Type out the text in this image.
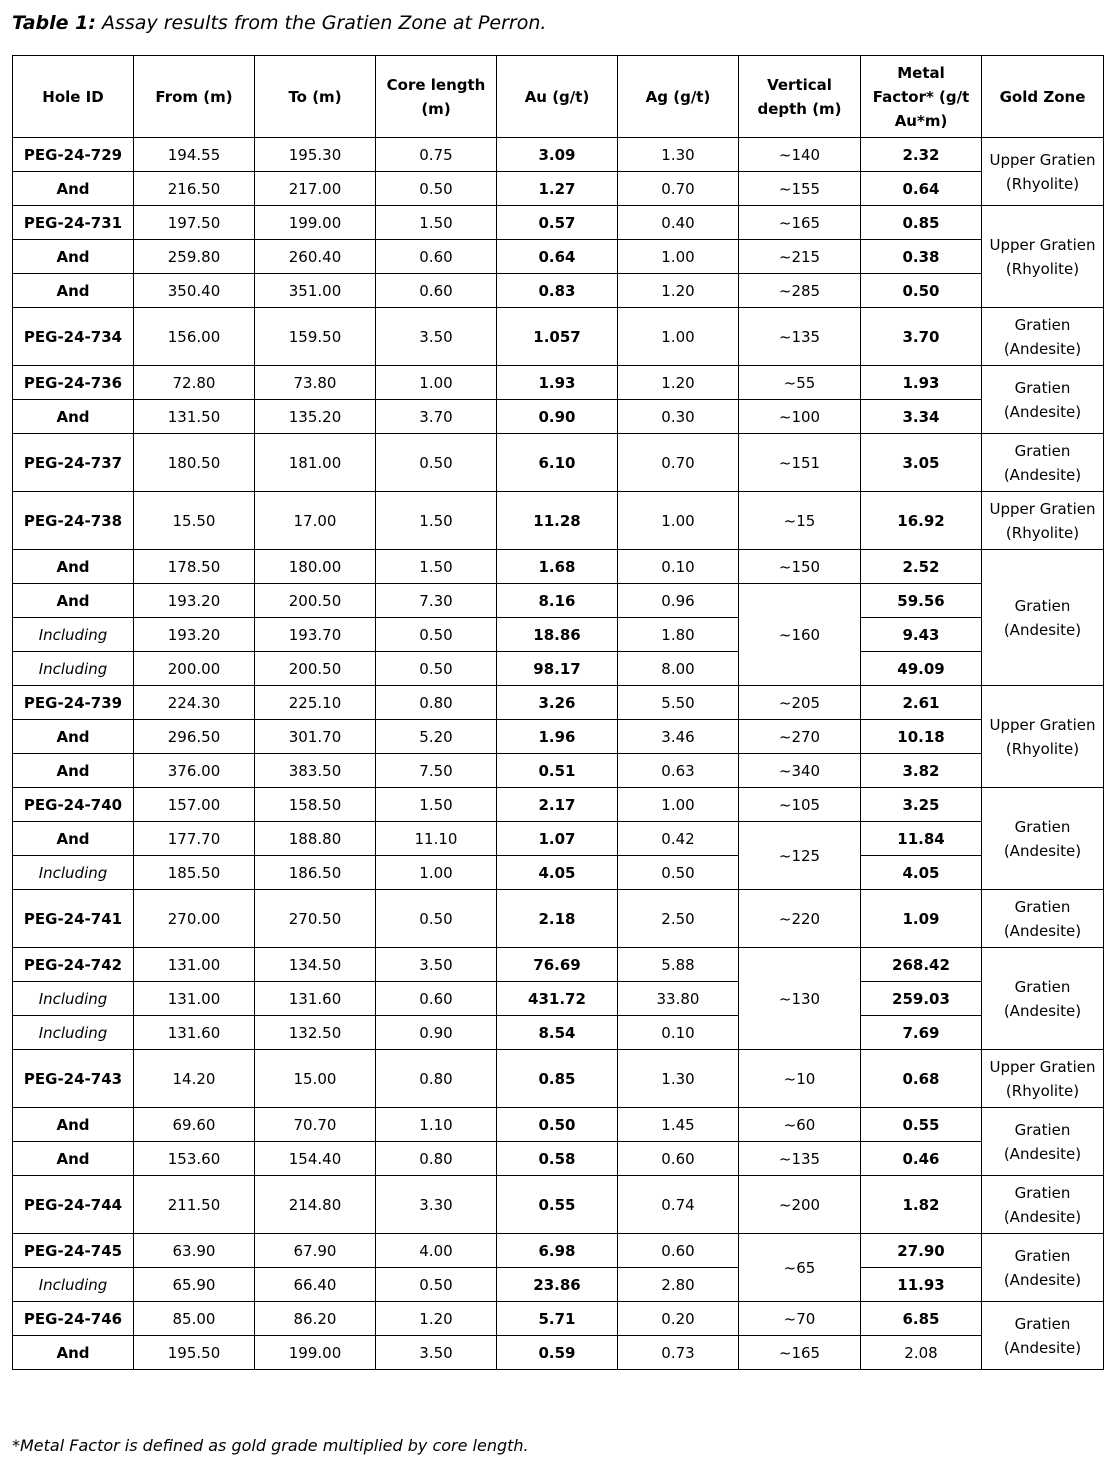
Table 1: Assay results from the Gratien Zone at Perron.
Hole ID	From (m)	To (m)	Core length (m)	Au (g/t)	Ag (g/t)	Vertical depth (m)	Metal Factor* (g/t Au*m)	Gold Zone
PEG-24-729	194.55	195.30	0.75	3.09	1.30	~140	2.32	Upper Gratien (Rhyolite)
And	216.50	217.00	0.50	1.27	0.70	~155	0.64	
PEG-24-731	197.50	199.00	1.50	0.57	0.40	~165	0.85	Upper Gratien (Rhyolite)
And	259.80	260.40	0.60	0.64	1.00	~215	0.38	
And	350.40	351.00	0.60	0.83	1.20	~285	0.50	
PEG-24-734	156.00	159.50	3.50	1.057	1.00	~135	3.70	Gratien (Andesite)
PEG-24-736	72.80	73.80	1.00	1.93	1.20	~55	1.93	Gratien (Andesite)
And	131.50	135.20	3.70	0.90	0.30	~100	3.34	
PEG-24-737	180.50	181.00	0.50	6.10	0.70	~151	3.05	Gratien (Andesite)
PEG-24-738	15.50	17.00	1.50	11.28	1.00	~15	16.92	Upper Gratien (Rhyolite)
And	178.50	180.00	1.50	1.68	0.10	~150	2.52	Gratien (Andesite)
And	193.20	200.50	7.30	8.16	0.96	~160	59.56	
Including	193.20	193.70	0.50	18.86	1.80		9.43	
Including	200.00	200.50	0.50	98.17	8.00		49.09	
PEG-24-739	224.30	225.10	0.80	3.26	5.50	~205	2.61	Upper Gratien (Rhyolite)
And	296.50	301.70	5.20	1.96	3.46	~270	10.18	
And	376.00	383.50	7.50	0.51	0.63	~340	3.82	
PEG-24-740	157.00	158.50	1.50	2.17	1.00	~105	3.25	Gratien (Andesite)
And	177.70	188.80	11.10	1.07	0.42	~125	11.84	
Including	185.50	186.50	1.00	4.05	0.50		4.05	
PEG-24-741	270.00	270.50	0.50	2.18	2.50	~220	1.09	Gratien (Andesite)
PEG-24-742	131.00	134.50	3.50	76.69	5.88	~130	268.42	Gratien (Andesite)
Including	131.00	131.60	0.60	431.72	33.80		259.03	
Including	131.60	132.50	0.90	8.54	0.10		7.69	
PEG-24-743	14.20	15.00	0.80	0.85	1.30	~10	0.68	Upper Gratien (Rhyolite)
And	69.60	70.70	1.10	0.50	1.45	~60	0.55	Gratien (Andesite)
And	153.60	154.40	0.80	0.58	0.60	~135	0.46	
PEG-24-744	211.50	214.80	3.30	0.55	0.74	~200	1.82	Gratien (Andesite)
PEG-24-745	63.90	67.90	4.00	6.98	0.60	~65	27.90	Gratien (Andesite)
Including	65.90	66.40	0.50	23.86	2.80		11.93	
PEG-24-746	85.00	86.20	1.20	5.71	0.20	~70	6.85	Gratien (Andesite)
And	195.50	199.00	3.50	0.59	0.73	~165	2.08	
*Metal Factor is defined as gold grade multiplied by core length.
